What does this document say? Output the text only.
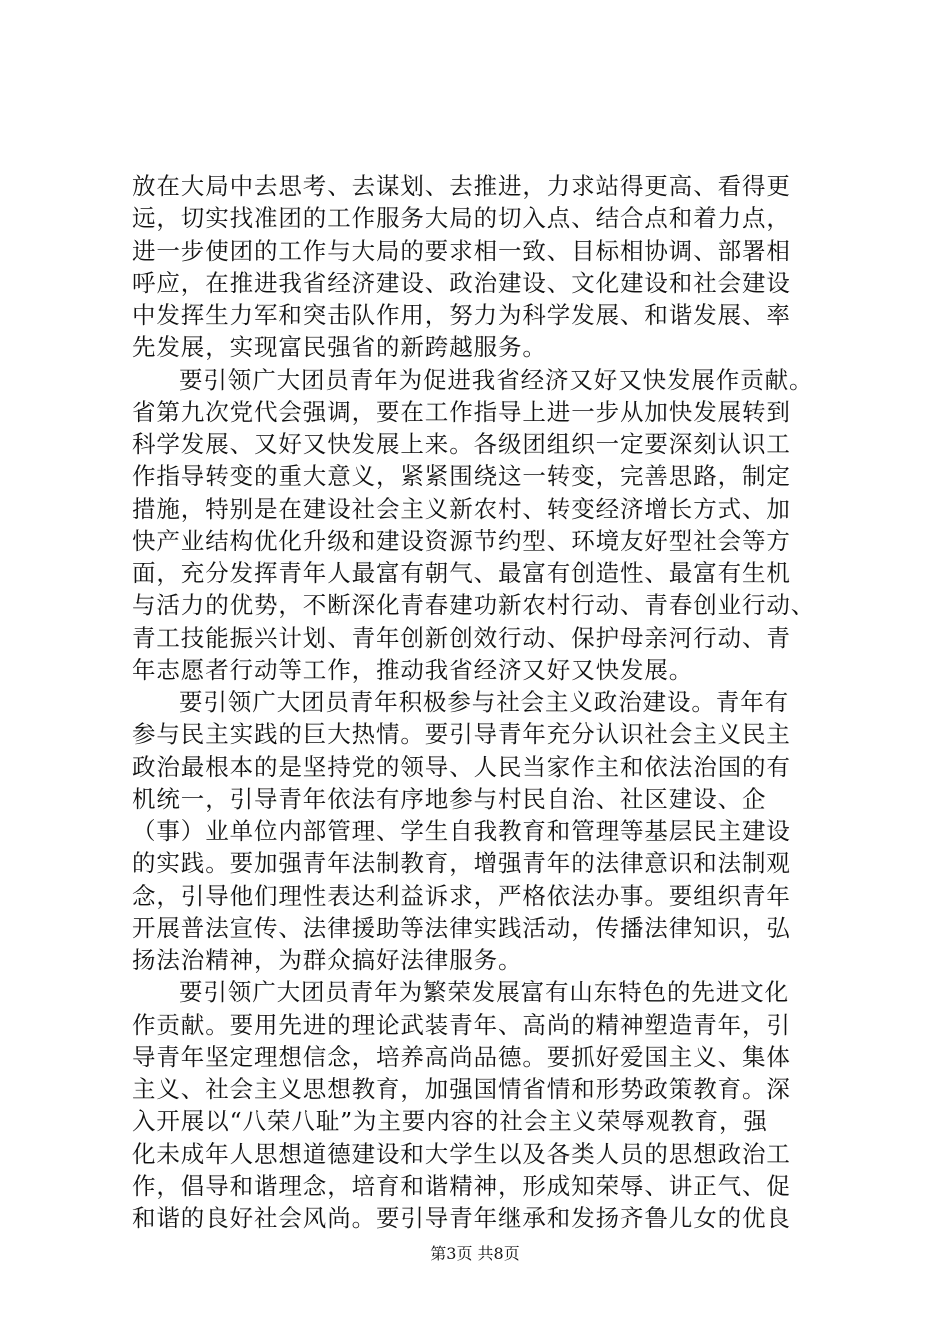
放在大局中去思考、去谋划、去推进，力求站得更高、看得更
远，切实找准团的工作服务大局的切入点、结合点和着力点，
进一步使团的工作与大局的要求相一致、目标相协调、部署相
呼应，在推进我省经济建设、政治建设、文化建设和社会建设
中发挥生力军和突击队作用，努力为科学发展、和谐发展、率
先发展，实现富民强省的新跨越服务。
要引领广大团员青年为促进我省经济又好又快发展作贡献。
省第九次党代会强调，要在工作指导上进一步从加快发展转到
科学发展、又好又快发展上来。各级团组织一定要深刻认识工
作指导转变的重大意义，紧紧围绕这一转变，完善思路，制定
措施，特别是在建设社会主义新农村、转变经济增长方式、加
快产业结构优化升级和建设资源节约型、环境友好型社会等方
面，充分发挥青年人最富有朝气、最富有创造性、最富有生机
与活力的优势，不断深化青春建功新农村行动、青春创业行动、
青工技能振兴计划、青年创新创效行动、保护母亲河行动、青
年志愿者行动等工作，推动我省经济又好又快发展。
要引领广大团员青年积极参与社会主义政治建设。青年有
参与民主实践的巨大热情。要引导青年充分认识社会主义民主
政治最根本的是坚持党的领导、人民当家作主和依法治国的有
机统一，引导青年依法有序地参与村民自治、社区建设、企
（事）业单位内部管理、学生自我教育和管理等基层民主建设
的实践。要加强青年法制教育，增强青年的法律意识和法制观
念，引导他们理性表达利益诉求，严格依法办事。要组织青年
开展普法宣传、法律援助等法律实践活动，传播法律知识，弘
扬法治精神，为群众搞好法律服务。
要引领广大团员青年为繁荣发展富有山东特色的先进文化
作贡献。要用先进的理论武装青年、高尚的精神塑造青年，引
导青年坚定理想信念，培养高尚品德。要抓好爱国主义、集体
主义、社会主义思想教育，加强国情省情和形势政策教育。深
入开展以“八荣八耻”为主要内容的社会主义荣辱观教育，强
化未成年人思想道德建设和大学生以及各类人员的思想政治工
作，倡导和谐理念，培育和谐精神，形成知荣辱、讲正气、促
和谐的良好社会风尚。要引导青年继承和发扬齐鲁儿女的优良
第3页 共8页
